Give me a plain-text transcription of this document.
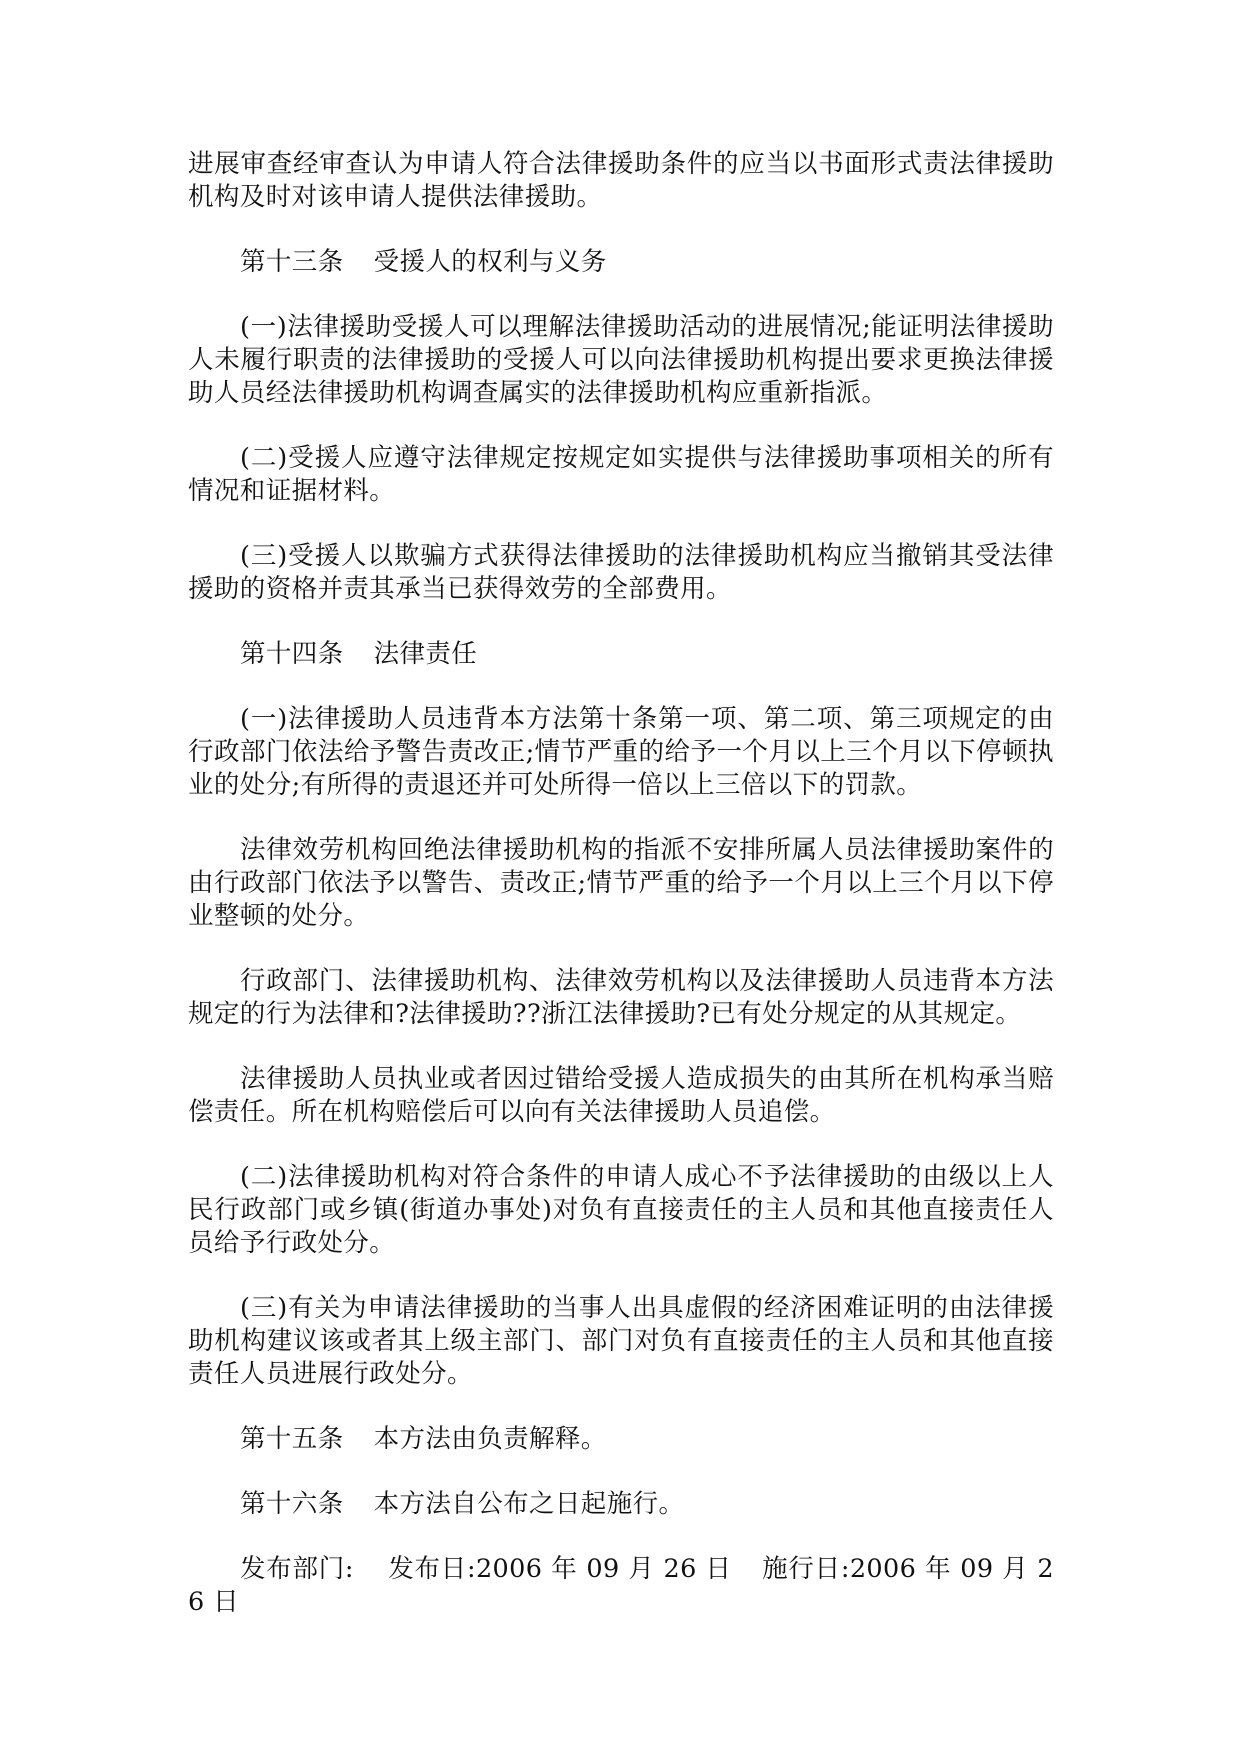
进展审查经审查认为申请人符合法律援助条件的应当以书面形式责法律援助机构及时对该申请人提供法律援助。

第十三条 受援人的权利与义务

(一)法律援助受援人可以理解法律援助活动的进展情况;能证明法律援助人未履行职责的法律援助的受援人可以向法律援助机构提出要求更换法律援助人员经法律援助机构调查属实的法律援助机构应重新指派。

(二)受援人应遵守法律规定按规定如实提供与法律援助事项相关的所有情况和证据材料。

(三)受援人以欺骗方式获得法律援助的法律援助机构应当撤销其受法律援助的资格并责其承当已获得效劳的全部费用。

第十四条 法律责任

(一)法律援助人员违背本方法第十条第一项、第二项、第三项规定的由行政部门依法给予警告责改正;情节严重的给予一个月以上三个月以下停顿执业的处分;有所得的责退还并可处所得一倍以上三倍以下的罚款。

法律效劳机构回绝法律援助机构的指派不安排所属人员法律援助案件的由行政部门依法予以警告、责改正;情节严重的给予一个月以上三个月以下停业整顿的处分。

行政部门、法律援助机构、法律效劳机构以及法律援助人员违背本方法规定的行为法律和?法律援助??浙江法律援助?已有处分规定的从其规定。

法律援助人员执业或者因过错给受援人造成损失的由其所在机构承当赔偿责任。所在机构赔偿后可以向有关法律援助人员追偿。

(二)法律援助机构对符合条件的申请人成心不予法律援助的由级以上人民行政部门或乡镇(街道办事处)对负有直接责任的主人员和其他直接责任人员给予行政处分。

(三)有关为申请法律援助的当事人出具虚假的经济困难证明的由法律援助机构建议该或者其上级主部门、部门对负有直接责任的主人员和其他直接责任人员进展行政处分。

第十五条 本方法由负责解释。

第十六条 本方法自公布之日起施行。

发布部门: 发布日:2006 年 09 月 26 日 施行日:2006 年 09 月 26 日
